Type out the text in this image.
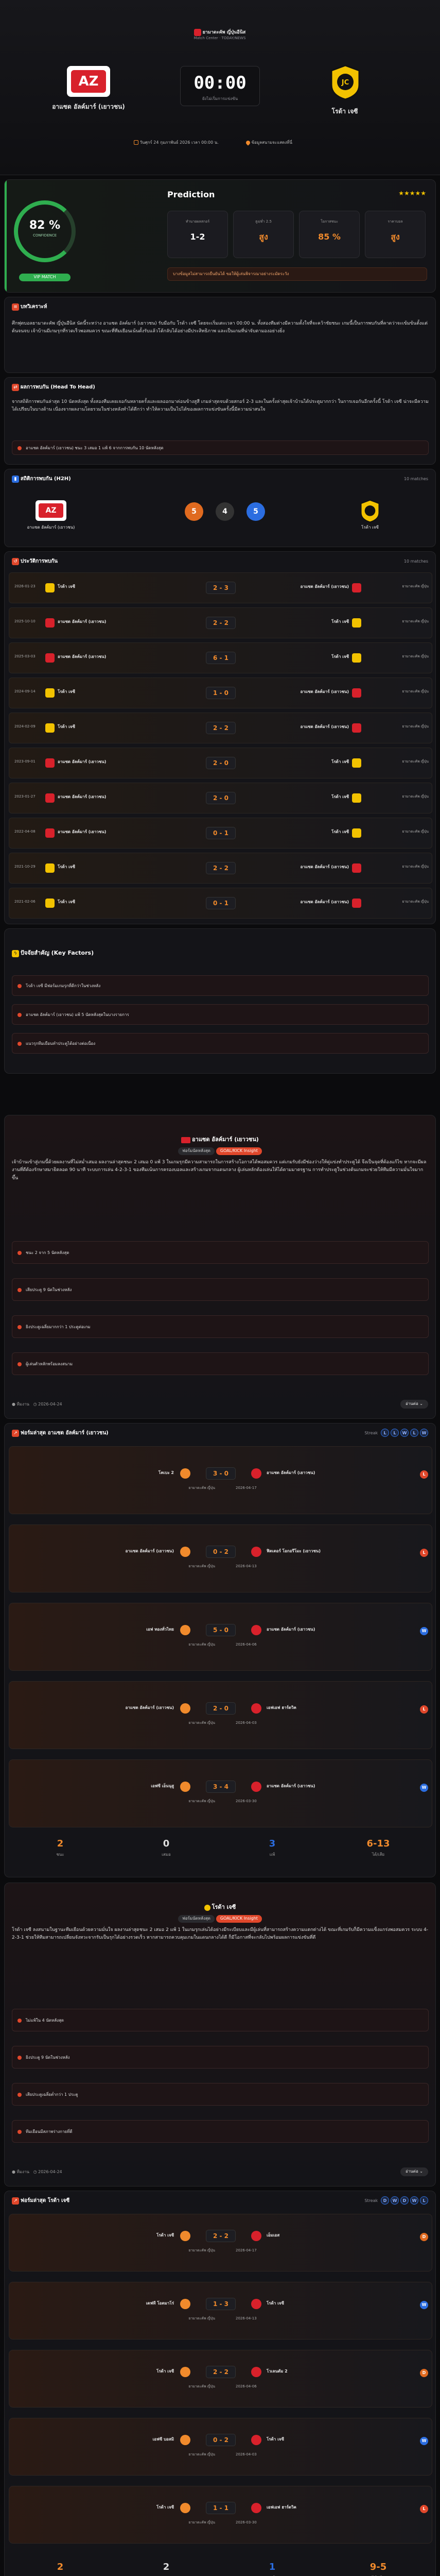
ยามาดะคัพ ญี่ปุ่นอีนิส
Match Center · TODAY/NEWS
AZ
อาแซด อัลค์มาร์ (เยาวชน)
00:00
ยังไม่เริ่มการแข่งขัน
JC
โรด้า เจซี
วันศุกร์ 24 กุมภาพันธ์ 2026 เวลา 00:00 น.	ข้อมูลสนามจะแสดงที่นี่
82 %
CONFIDENCE
VIP MATCH
Prediction	★★★★★
บางข้อมูลไม่สามารถยืนยันได้ ขอให้ผู้เล่นพิจารณาอย่างระมัดระวัง
ทำนายผลสกอร์
1-2
สูง/ต่ำ 2.5
สูง
โอกาสชนะ
85 %
ราคาบอล
สูง
≡ บทวิเคราะห์
ศึกฟุตบอลยามาดะคัพ ญี่ปุ่นอีนิส นัดนี้ระหว่าง อาแซด อัลค์มาร์ (เยาวชน) รับมือกับ โรด้า เจซี โดยจะเริ่มเตะเวลา 00:00 น. ทั้งสองทีมต่างมีความตั้งใจที่จะคว้าชัยชนะ เกมนี้เป็นการพบกันที่คาดว่าจะเข้มข้นตั้งแต่ต้นจนจบ เจ้าบ้านมีเกมรุกที่รวดเร็วพอสมควร ขณะที่ทีมเยือนเน้นตั้งรับแล้วโต้กลับได้อย่างมีประสิทธิภาพ และเป็นเกมที่น่าจับตามองอย่างยิ่ง
⇄ ผลการพบกัน (Head To Head)
จากสถิติการพบกันล่าสุด 10 นัดหลังสุด ทั้งสองทีมเคยเจอกันหลายครั้งและผลออกมาค่อนข้างสูสี เกมล่าสุดจบด้วยสกอร์ 2-3 และในครั้งล่าสุดเจ้าบ้านได้ประตูมากกว่า ในการเจอกันอีกครั้งนี้ โรด้า เจซี น่าจะมีความได้เปรียบในบางด้าน เนื่องจากผลงานโดยรวมในช่วงหลังทำได้ดีกว่า ทำให้ความเป็นไปได้ของผลการแข่งขันครั้งนี้มีความน่าสนใจ
อาแซด อัลค์มาร์ (เยาวชน) ชนะ 3 เสมอ 1 แพ้ 6 จากการพบกัน 10 นัดหลังสุด
▮ สถิติการพบกัน (H2H)	10 matches
AZ
อาแซด อัลค์มาร์ (เยาวชน)
5	4	5
โรด้า เจซี
↺ ประวัติการพบกัน	10 matches
2026-01-23	โรด้า เจซี	2 - 3	อาแซด อัลค์มาร์ (เยาวชน)	ยามาดะคัพ ญี่ปุ่น
2025-10-10	อาแซด อัลค์มาร์ (เยาวชน)	2 - 2	โรด้า เจซี	ยามาดะคัพ ญี่ปุ่น
2025-03-03	อาแซด อัลค์มาร์ (เยาวชน)	6 - 1	โรด้า เจซี	ยามาดะคัพ ญี่ปุ่น
2024-09-14	โรด้า เจซี	1 - 0	อาแซด อัลค์มาร์ (เยาวชน)	ยามาดะคัพ ญี่ปุ่น
2024-02-09	โรด้า เจซี	2 - 2	อาแซด อัลค์มาร์ (เยาวชน)	ยามาดะคัพ ญี่ปุ่น
2023-09-01	อาแซด อัลค์มาร์ (เยาวชน)	2 - 0	โรด้า เจซี	ยามาดะคัพ ญี่ปุ่น
2023-01-27	อาแซด อัลค์มาร์ (เยาวชน)	2 - 0	โรด้า เจซี	ยามาดะคัพ ญี่ปุ่น
2022-04-08	อาแซด อัลค์มาร์ (เยาวชน)	0 - 1	โรด้า เจซี	ยามาดะคัพ ญี่ปุ่น
2021-10-29	โรด้า เจซี	2 - 2	อาแซด อัลค์มาร์ (เยาวชน)	ยามาดะคัพ ญี่ปุ่น
2021-02-06	โรด้า เจซี	0 - 1	อาแซด อัลค์มาร์ (เยาวชน)	ยามาดะคัพ ญี่ปุ่น
ϟ ปัจจัยสำคัญ (Key Factors)
โรด้า เจซี มีฟอร์มเกมรุกที่ดีกว่าในช่วงหลัง
อาแซด อัลค์มาร์ (เยาวชน) แพ้ 5 นัดหลังสุดในบางรายการ
แนวรุกทีมเยือนทำประตูได้อย่างต่อเนื่อง
อาแซด อัลค์มาร์ (เยาวชน)
ฟอร์มนัดหลังสุด GOAL/KICK Insight
เจ้าบ้านเข้าสู่เกมนี้ด้วยผลงานที่ไม่สม่ำเสมอ ผลงานล่าสุดชนะ 2 เสมอ 0 แพ้ 3 ในเกมรุกมีความสามารถในการสร้างโอกาสได้พอสมควร แต่เกมรับยังมีช่องว่างให้คู่แข่งทำประตูได้ จึงเป็นจุดที่ต้องแก้ไข หากจะมีผลงานที่ดีต้องรักษาสมาธิตลอด 90 นาที ระบบการเล่น 4-2-3-1 ของทีมเน้นการครองบอลและสร้างเกมจากแดนกลาง ผู้เล่นหลักต้องเล่นให้ได้ตามมาตรฐาน การทำประตูในช่วงต้นเกมจะช่วยให้ทีมมีความมั่นใจมากขึ้น
● ทีมงาน ◷ 2026-04-24	อ่านต่อ ⌄
ชนะ 2 จาก 5 นัดหลังสุด
เสียประตู 9 นัดในช่วงหลัง
ยิงประตูเฉลี่ยมากกว่า 1 ประตูต่อเกม
ผู้เล่นตัวหลักพร้อมลงสนาม
↗ ฟอร์มล่าสุด อาแซด อัลค์มาร์ (เยาวชน)	Streak L L W L W
โคเบะ 2	3 - 0	อาแซด อัลค์มาร์ (เยาวชน)	L
ยามาดะคัพ ญี่ปุ่น	2026-04-17
อาแซด อัลค์มาร์ (เยาวชน)	0 - 2	ฟิตเตอร์ โอกอรีโมะ (เยาวชน)	L
ยามาดะคัพ ญี่ปุ่น	2026-04-13
เอฟ ทองทั่วไทย	5 - 0	อาแซด อัลค์มาร์ (เยาวชน)	W
ยามาดะคัพ ญี่ปุ่น	2026-04-06
อาแซด อัลค์มาร์ (เยาวชน)	2 - 0	เอฟเอฟ ฮาร์ดวิค	L
ยามาดะคัพ ญี่ปุ่น	2026-04-03
เอฟซี เอ็นนุสู	3 - 4	อาแซด อัลค์มาร์ (เยาวชน)	W
ยามาดะคัพ ญี่ปุ่น	2026-03-30
2
ชนะ
0
เสมอ
3
แพ้
6-13
ได้/เสีย
โรด้า เจซี
ฟอร์มนัดหลังสุด GOAL/KICK Insight
โรด้า เจซี ลงสนามในฐานะทีมเยือนด้วยความมั่นใจ ผลงานล่าสุดชนะ 2 เสมอ 2 แพ้ 1 ในเกมรุกเล่นได้อย่างมีระเบียบและมีผู้เล่นที่สามารถสร้างความแตกต่างได้ ขณะที่เกมรับก็มีความแข็งแกร่งพอสมควร ระบบ 4-2-3-1 ช่วยให้ทีมสามารถเปลี่ยนจังหวะจากรับเป็นรุกได้อย่างรวดเร็ว หากสามารถควบคุมเกมในแดนกลางได้ดี ก็มีโอกาสที่จะกลับไปพร้อมผลการแข่งขันที่ดี
● ทีมงาน ◷ 2026-04-24	อ่านต่อ ⌄
ไม่แพ้ใน 4 นัดหลังสุด
ยิงประตู 9 นัดในช่วงหลัง
เสียประตูเฉลี่ยต่ำกว่า 1 ประตู
ทีมเยือนมีสภาพร่างกายที่ดี
↗ ฟอร์มล่าสุด โรด้า เจซี	Streak D W D W L
โรด้า เจซี	2 - 2	เอ็มเอส	D
ยามาดะคัพ ญี่ปุ่น	2026-04-17
เดฟที โอตมาโร่	1 - 3	โรด้า เจซี	W
ยามาดะคัพ ญี่ปุ่น	2026-04-13
โรด้า เจซี	2 - 2	โวเลนดัม 2	D
ยามาดะคัพ ญี่ปุ่น	2026-04-06
เอฟซี บอสมิ	0 - 2	โรด้า เจซี	W
ยามาดะคัพ ญี่ปุ่น	2026-04-03
โรด้า เจซี	1 - 1	เอฟเอฟ ฮาร์ดวิค	L
ยามาดะคัพ ญี่ปุ่น	2026-03-30
2	2	1	9-5
